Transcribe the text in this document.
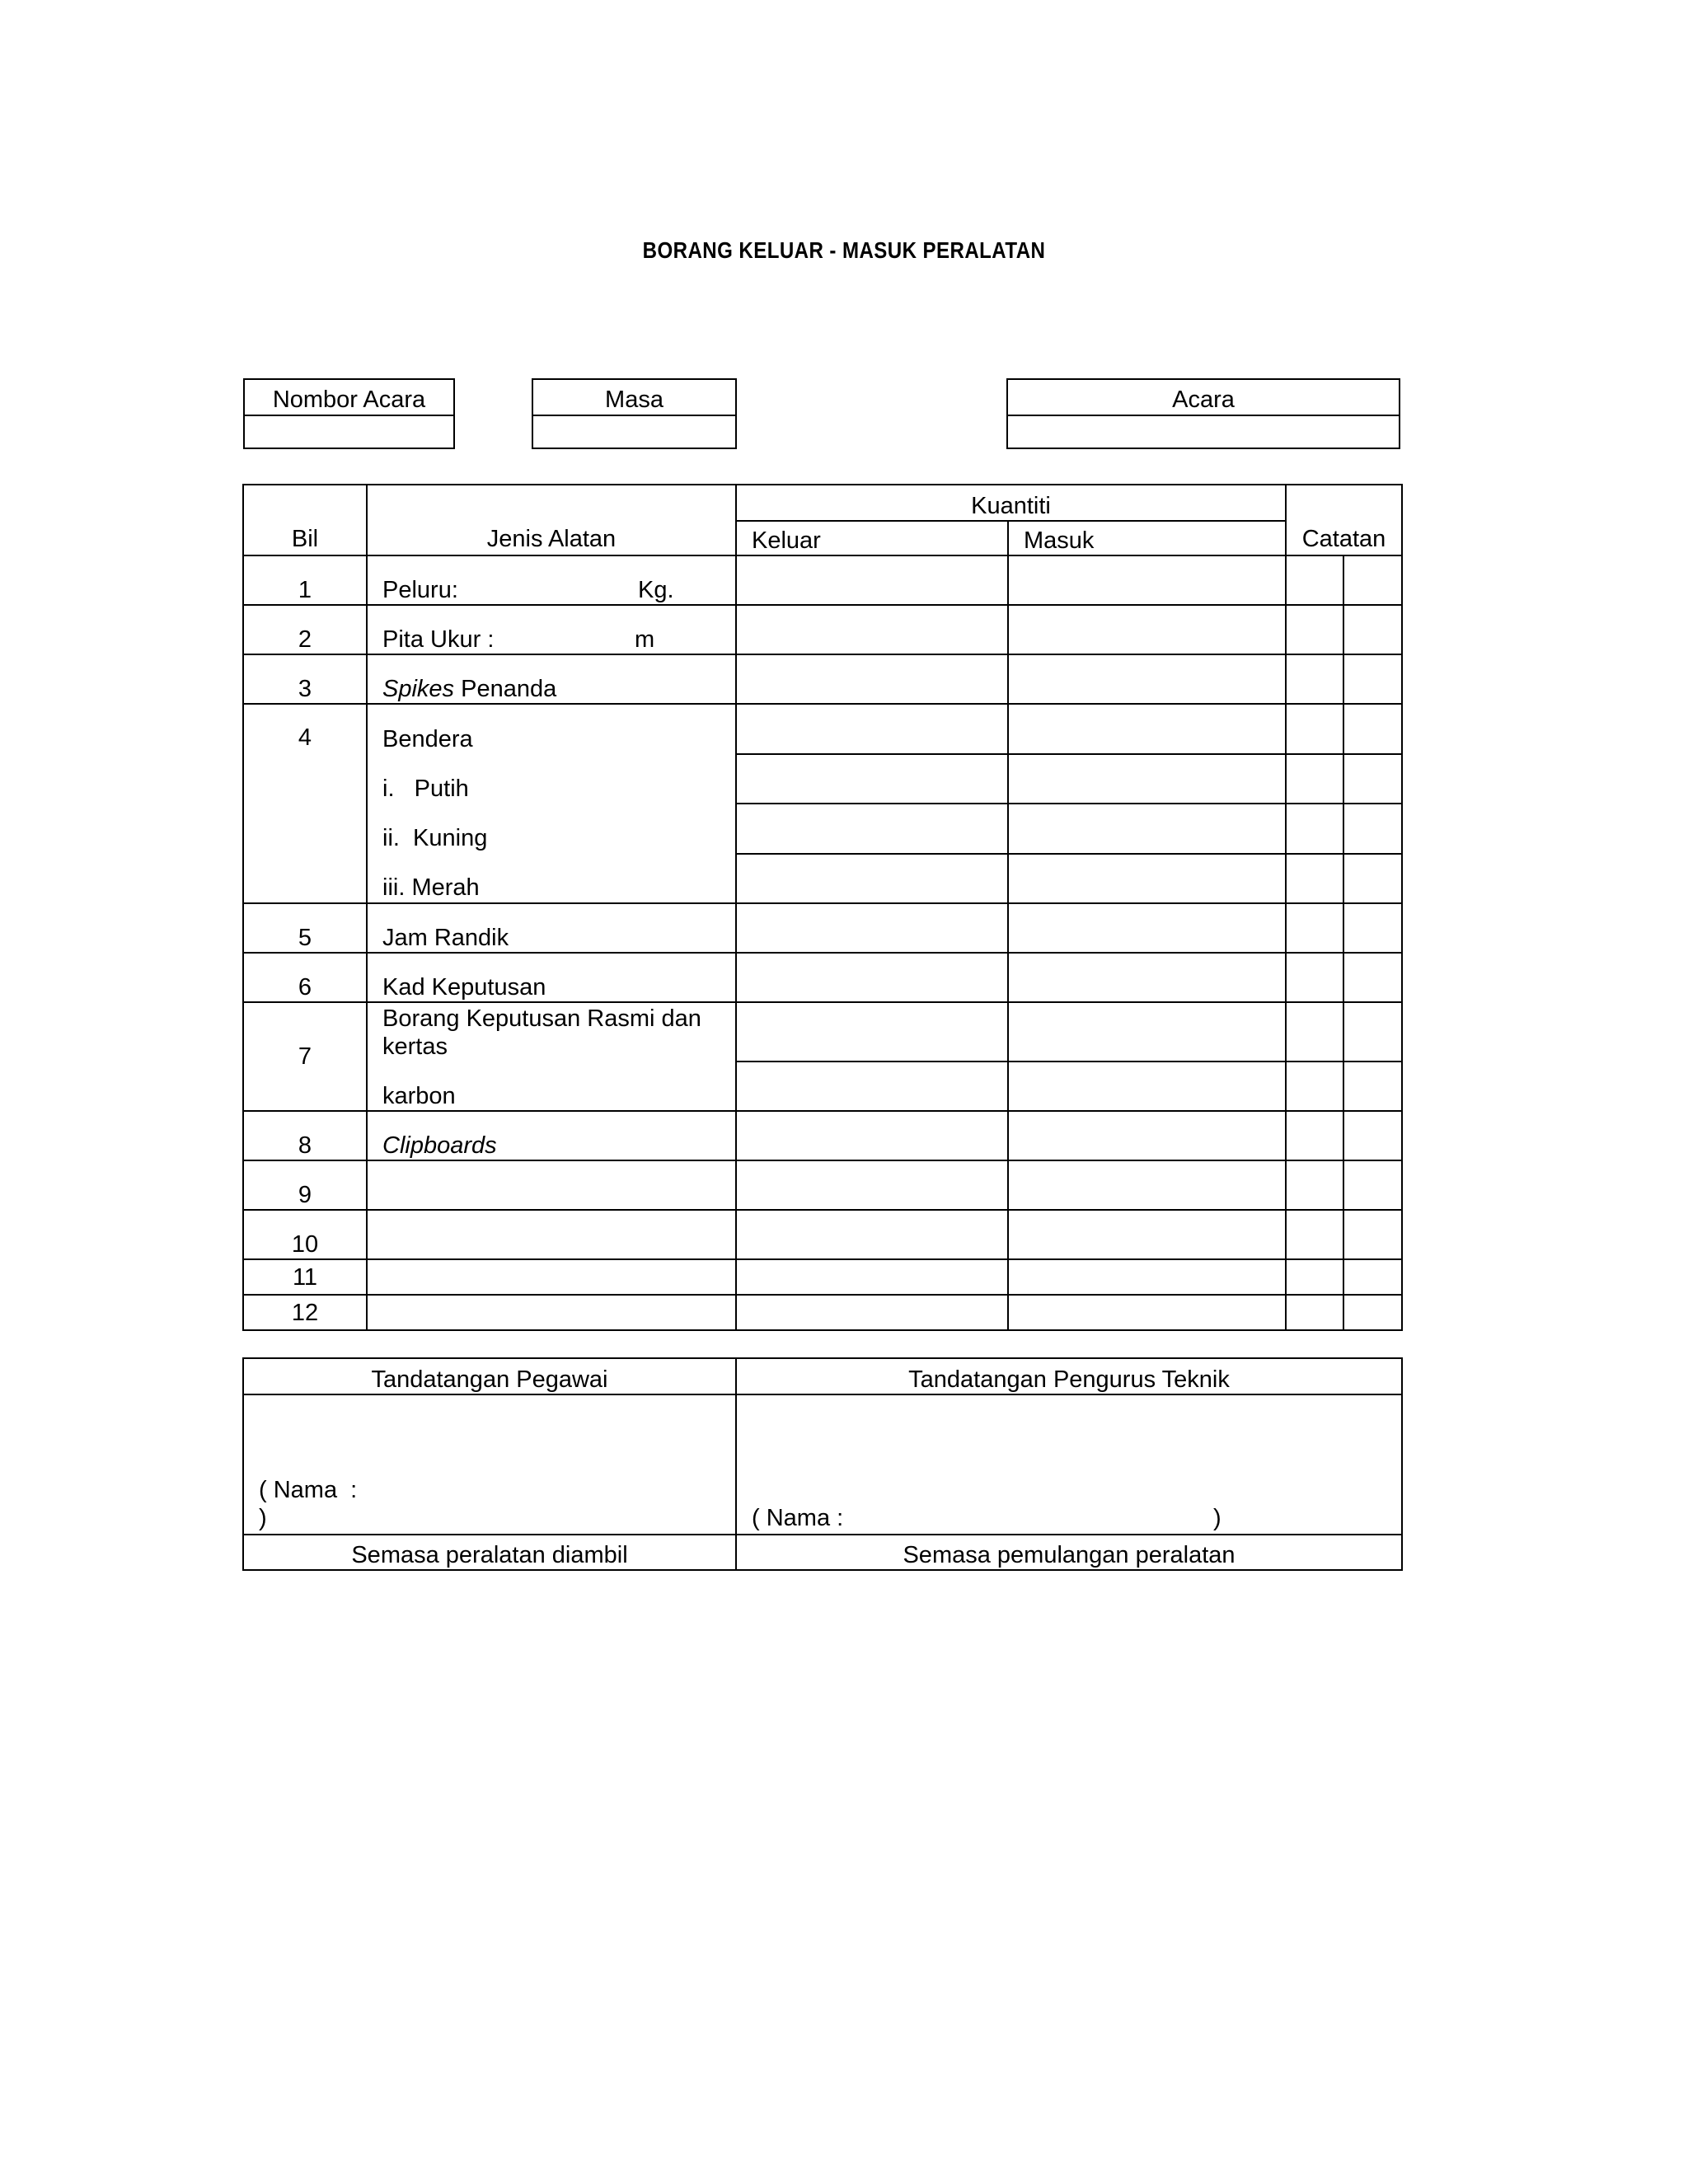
BORANG KELUAR - MASUK PERALATAN
Nombor Acara	Masa	Acara
Bil	Jenis Alatan	Kuantiti		Catatan	
		Keluar	Masuk		
1	Peluru: Kg.				
2	Pita Ukur : m				
3	Spikes Penanda				
4	Bendera
i.   Putih
ii.  Kuning
iii. Merah				

5	Jam Randik				
6	Kad Keputusan				
7	Borang Keputusan Rasmi dan kertas
karbon				

8	Clipboards				
9					
10					
11					
12					
Tandatangan Pegawai	Tandatangan Pengurus Teknik

( Nama  :
)	( Nama : )
Semasa peralatan diambil	Semasa pemulangan peralatan
